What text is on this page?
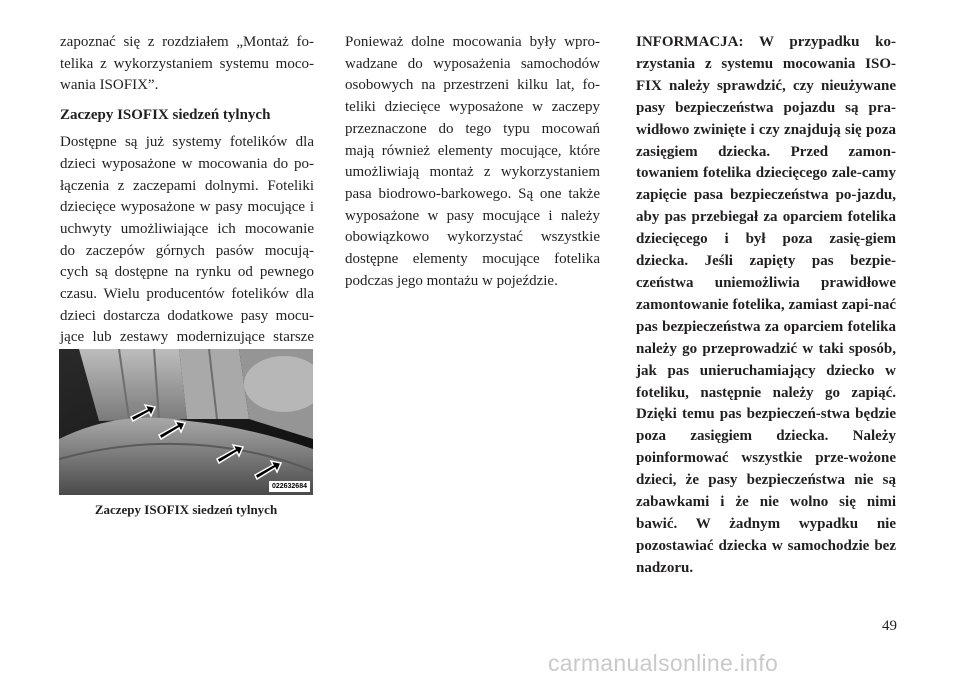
zapoznać się z rozdziałem „Montaż fo-telika z wykorzystaniem systemu moco-wania ISOFIX”.

Zaczepy ISOFIX siedzeń tylnych

Dostępne są już systemy fotelików dla dzieci wyposażone w mocowania do po-łączenia z zaczepami dolnymi. Foteliki dziecięce wyposażone w pasy mocujące i uchwyty umożliwiające ich mocowanie do zaczepów górnych pasów mocują-cych są dostępne na rynku od pewnego czasu. Wielu producentów fotelików dla dzieci dostarcza dodatkowe pasy mocu-jące lub zestawy modernizujące starsze

022632684
Zaczepy ISOFIX siedzeń tylnych

Ponieważ dolne mocowania były wpro-wadzane do wyposażenia samochodów osobowych na przestrzeni kilku lat, fo-teliki dziecięce wyposażone w zaczepy przeznaczone do tego typu mocowań mają również elementy mocujące, które umożliwiają montaż z wykorzystaniem pasa biodrowo-barkowego. Są one także wyposażone w pasy mocujące i należy obowiązkowo wykorzystać wszystkie dostępne elementy mocujące fotelika podczas jego montażu w pojeździe.

INFORMACJA: W przypadku ko-rzystania z systemu mocowania ISO-FIX należy sprawdzić, czy nieużywane pasy bezpieczeństwa pojazdu są pra-widłowo zwinięte i czy znajdują się poza zasięgiem dziecka. Przed zamon-towaniem fotelika dziecięcego zale-camy zapięcie pasa bezpieczeństwa po-jazdu, aby pas przebiegał za oparciem fotelika dziecięcego i był poza zasię-giem dziecka. Jeśli zapięty pas bezpie-czeństwa uniemożliwia prawidłowe zamontowanie fotelika, zamiast zapi-nać pas bezpieczeństwa za oparciem fotelika należy go przeprowadzić w taki sposób, jak pas unieruchamiający dziecko w foteliku, następnie należy go zapiąć. Dzięki temu pas bezpieczeń-stwa będzie poza zasięgiem dziecka. Należy poinformować wszystkie prze-wożone dzieci, że pasy bezpieczeństwa nie są zabawkami i że nie wolno się nimi bawić. W żadnym wypadku nie pozostawiać dziecka w samochodzie bez nadzoru.

49
carmanualsonline.info
